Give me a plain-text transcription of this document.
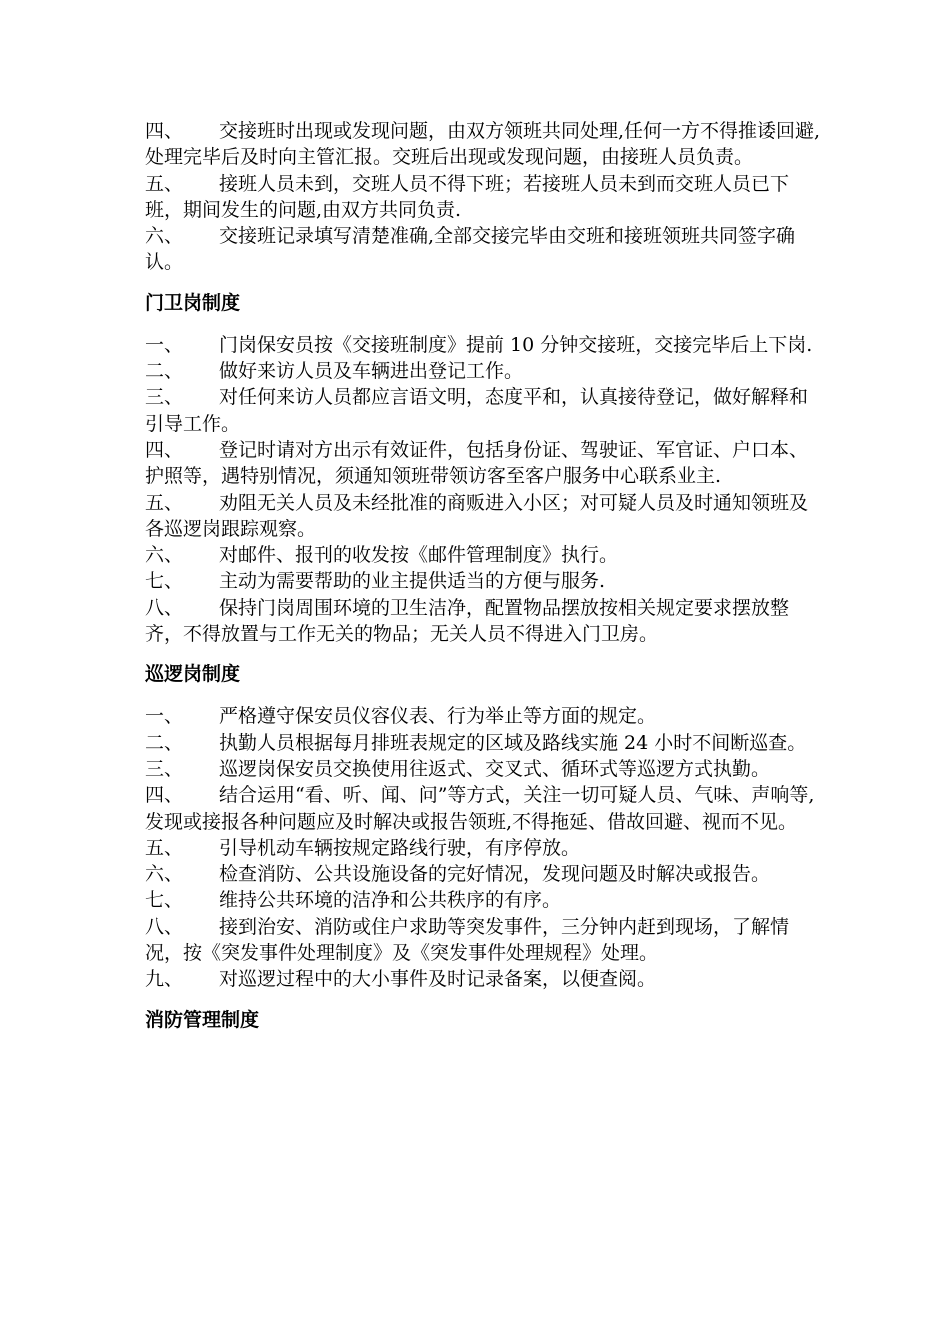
四、 交接班时出现或发现问题，由双方领班共同处理,任何一方不得推诿回避,处理完毕后及时向主管汇报。交班后出现或发现问题，由接班人员负责。

五、 接班人员未到，交班人员不得下班；若接班人员未到而交班人员已下班，期间发生的问题,由双方共同负责.

六、 交接班记录填写清楚准确,全部交接完毕由交班和接班领班共同签字确认。

门卫岗制度

一、 门岗保安员按《交接班制度》提前 10 分钟交接班，交接完毕后上下岗.

二、 做好来访人员及车辆进出登记工作。

三、 对任何来访人员都应言语文明，态度平和，认真接待登记，做好解释和引导工作。

四、 登记时请对方出示有效证件，包括身份证、驾驶证、军官证、户口本、护照等，遇特别情况，须通知领班带领访客至客户服务中心联系业主.

五、 劝阻无关人员及未经批准的商贩进入小区；对可疑人员及时通知领班及各巡逻岗跟踪观察。

六、 对邮件、报刊的收发按《邮件管理制度》执行。

七、 主动为需要帮助的业主提供适当的方便与服务.

八、 保持门岗周围环境的卫生洁净，配置物品摆放按相关规定要求摆放整齐，不得放置与工作无关的物品；无关人员不得进入门卫房。

巡逻岗制度

一、 严格遵守保安员仪容仪表、行为举止等方面的规定。

二、 执勤人员根据每月排班表规定的区域及路线实施 24 小时不间断巡查。

三、 巡逻岗保安员交换使用往返式、交叉式、循环式等巡逻方式执勤。

四、 结合运用“看、听、闻、问”等方式，关注一切可疑人员、气味、声响等,发现或接报各种问题应及时解决或报告领班,不得拖延、借故回避、视而不见。

五、 引导机动车辆按规定路线行驶，有序停放。

六、 检查消防、公共设施设备的完好情况，发现问题及时解决或报告。

七、 维持公共环境的洁净和公共秩序的有序。

八、 接到治安、消防或住户求助等突发事件，三分钟内赶到现场，了解情况，按《突发事件处理制度》及《突发事件处理规程》处理。

九、 对巡逻过程中的大小事件及时记录备案，以便查阅。

消防管理制度
